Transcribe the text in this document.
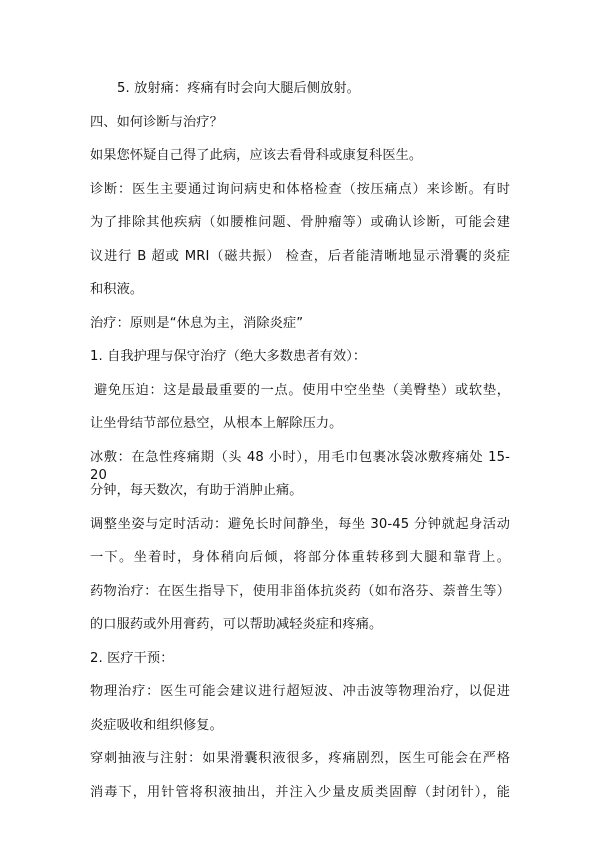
5. 放射痛：疼痛有时会向大腿后侧放射。
四、如何诊断与治疗？
如果您怀疑自己得了此病，应该去看骨科或康复科医生。
诊断：医生主要通过询问病史和体格检查（按压痛点）来诊断。有时
为了排除其他疾病（如腰椎问题、骨肿瘤等）或确认诊断，可能会建
议进行 B 超或 MRI（磁共振） 检查，后者能清晰地显示滑囊的炎症
和积液。
治疗：原则是“休息为主，消除炎症”
1. 自我护理与保守治疗（绝大多数患者有效）：
避免压迫：这是最最重要的一点。使用中空坐垫（美臀垫）或软垫，
让坐骨结节部位悬空，从根本上解除压力。
冰敷：在急性疼痛期（头 48 小时），用毛巾包裹冰袋冰敷疼痛处 15-20
分钟，每天数次，有助于消肿止痛。
调整坐姿与定时活动：避免长时间静坐，每坐 30-45 分钟就起身活动
一下。坐着时，身体稍向后倾，将部分体重转移到大腿和靠背上。
药物治疗：在医生指导下，使用非甾体抗炎药（如布洛芬、萘普生等）
的口服药或外用膏药，可以帮助减轻炎症和疼痛。
2. 医疗干预：
物理治疗：医生可能会建议进行超短波、冲击波等物理治疗，以促进
炎症吸收和组织修复。
穿刺抽液与注射：如果滑囊积液很多，疼痛剧烈，医生可能会在严格
消毒下，用针管将积液抽出，并注入少量皮质类固醇（封闭针），能
